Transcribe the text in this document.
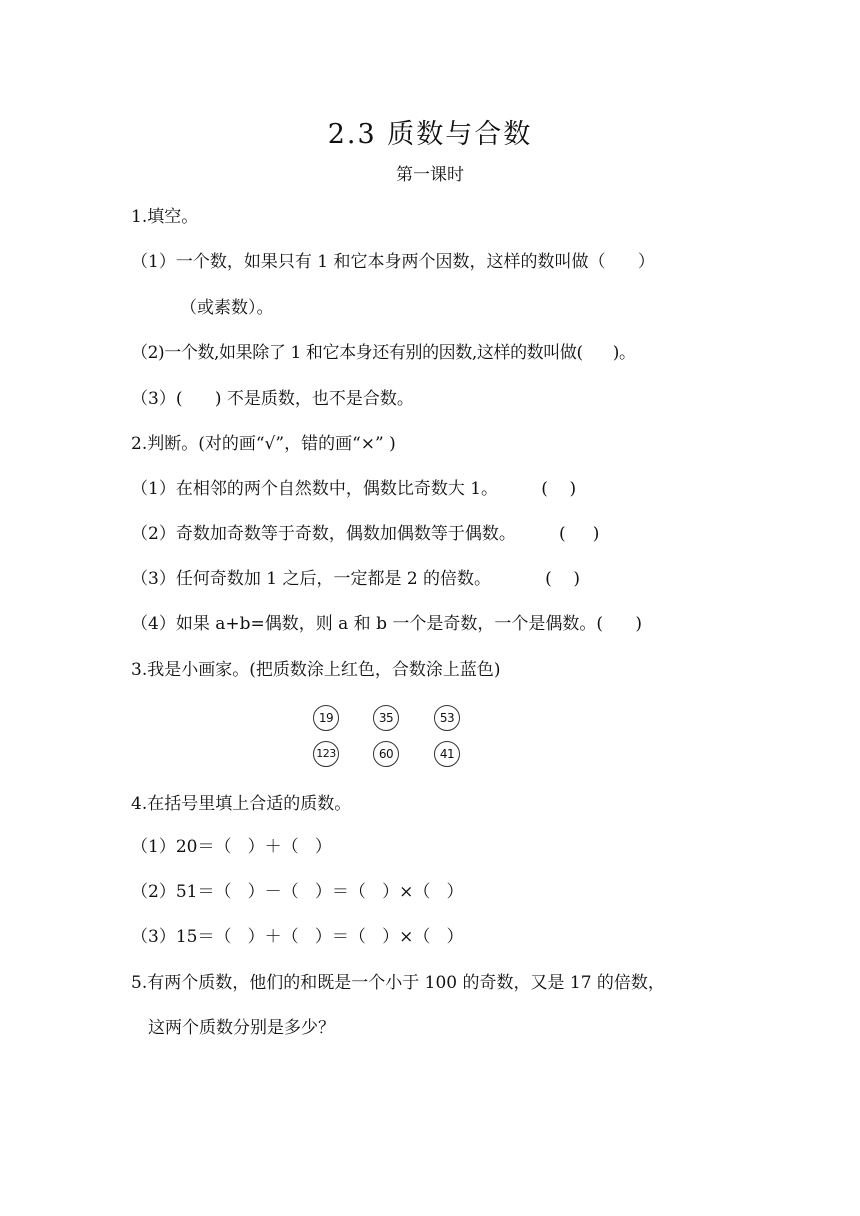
2.3 质数与合数
第一课时
1.填空。
（1）一个数，如果只有 1 和它本身两个因数，这样的数叫做（      ）
（或素数）。
（2)一个数,如果除了 1 和它本身还有别的因数,这样的数叫做(      )。
（3）(      ) 不是质数，也不是合数。
2.判断。(对的画“√”，错的画“×” )
（1）在相邻的两个自然数中，偶数比奇数大 1。        (    )
（2）奇数加奇数等于奇数，偶数加偶数等于偶数。        (     )
（3）任何奇数加 1 之后，一定都是 2 的倍数。          (    )
（4）如果 a+b=偶数，则 a 和 b 一个是奇数，一个是偶数。(      )
3.我是小画家。(把质数涂上红色，合数涂上蓝色)
19	35	53
123	60	41
4.在括号里填上合适的质数。
（1）20＝（   ）＋（   ）
（2）51＝（   ）－（   ）＝（   ）×（   ）
（3）15＝（   ）＋（   ）＝（   ）×（   ）
5.有两个质数，他们的和既是一个小于 100 的奇数，又是 17 的倍数，
这两个质数分别是多少？
